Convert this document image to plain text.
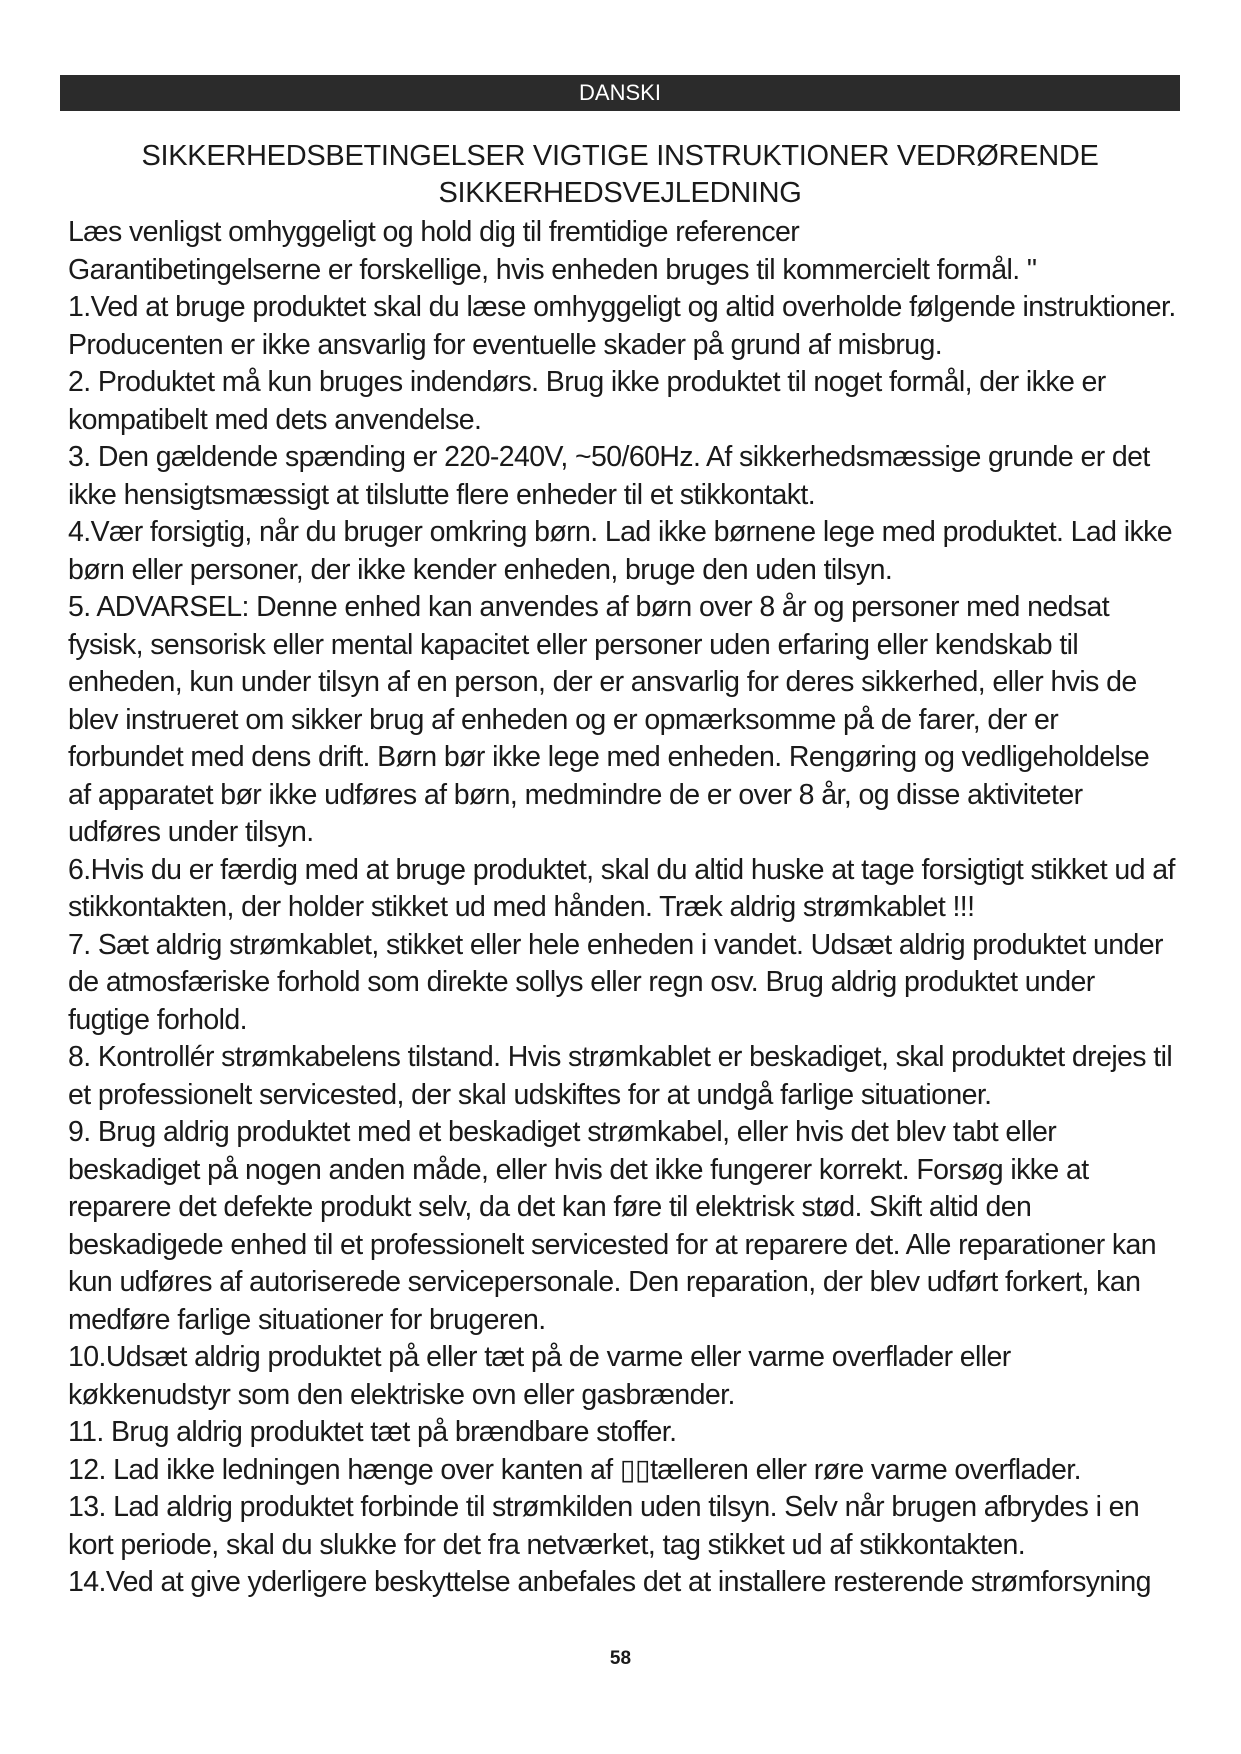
DANSKI
SIKKERHEDSBETINGELSER VIGTIGE INSTRUKTIONER VEDRØRENDE
SIKKERHEDSVEJLEDNING

Læs venligst omhyggeligt og hold dig til fremtidige referencer

Garantibetingelserne er forskellige, hvis enheden bruges til kommercielt formål. "

1.Ved at bruge produktet skal du læse omhyggeligt og altid overholde følgende instruktioner. Producenten er ikke ansvarlig for eventuelle skader på grund af misbrug.

2. Produktet må kun bruges indendørs. Brug ikke produktet til noget formål, der ikke er kompatibelt med dets anvendelse.

3. Den gældende spænding er 220-240V, ~50/60Hz. Af sikkerhedsmæssige grunde er det ikke hensigtsmæssigt at tilslutte flere enheder til et stikkontakt.

4.Vær forsigtig, når du bruger omkring børn. Lad ikke børnene lege med produktet. Lad ikke børn eller personer, der ikke kender enheden, bruge den uden tilsyn.

5. ADVARSEL: Denne enhed kan anvendes af børn over 8 år og personer med nedsat fysisk, sensorisk eller mental kapacitet eller personer uden erfaring eller kendskab til enheden, kun under tilsyn af en person, der er ansvarlig for deres sikkerhed, eller hvis de blev instrueret om sikker brug af enheden og er opmærksomme på de farer, der er forbundet med dens drift. Børn bør ikke lege med enheden. Rengøring og vedligeholdelse af apparatet bør ikke udføres af børn, medmindre de er over 8 år, og disse aktiviteter udføres under tilsyn.

6.Hvis du er færdig med at bruge produktet, skal du altid huske at tage forsigtigt stikket ud af stikkontakten, der holder stikket ud med hånden. Træk aldrig strømkablet !!!

7. Sæt aldrig strømkablet, stikket eller hele enheden i vandet. Udsæt aldrig produktet under de atmosfæriske forhold som direkte sollys eller regn osv. Brug aldrig produktet under fugtige forhold.

8. Kontrollér strømkabelens tilstand. Hvis strømkablet er beskadiget, skal produktet drejes til et professionelt servicested, der skal udskiftes for at undgå farlige situationer.

9. Brug aldrig produktet med et beskadiget strømkabel, eller hvis det blev tabt eller beskadiget på nogen anden måde, eller hvis det ikke fungerer korrekt. Forsøg ikke at reparere det defekte produkt selv, da det kan føre til elektrisk stød. Skift altid den beskadigede enhed til et professionelt servicested for at reparere det. Alle reparationer kan kun udføres af autoriserede servicepersonale. Den reparation, der blev udført forkert, kan medføre farlige situationer for brugeren.

10.Udsæt aldrig produktet på eller tæt på de varme eller varme overflader eller køkkenudstyr som den elektriske ovn eller gasbrænder.

11. Brug aldrig produktet tæt på brændbare stoffer.

12. Lad ikke ledningen hænge over kanten af ▯▯tælleren eller røre varme overflader.

13. Lad aldrig produktet forbinde til strømkilden uden tilsyn. Selv når brugen afbrydes i en kort periode, skal du slukke for det fra netværket, tag stikket ud af stikkontakten.

14.Ved at give yderligere beskyttelse anbefales det at installere resterende strømforsyning

58
